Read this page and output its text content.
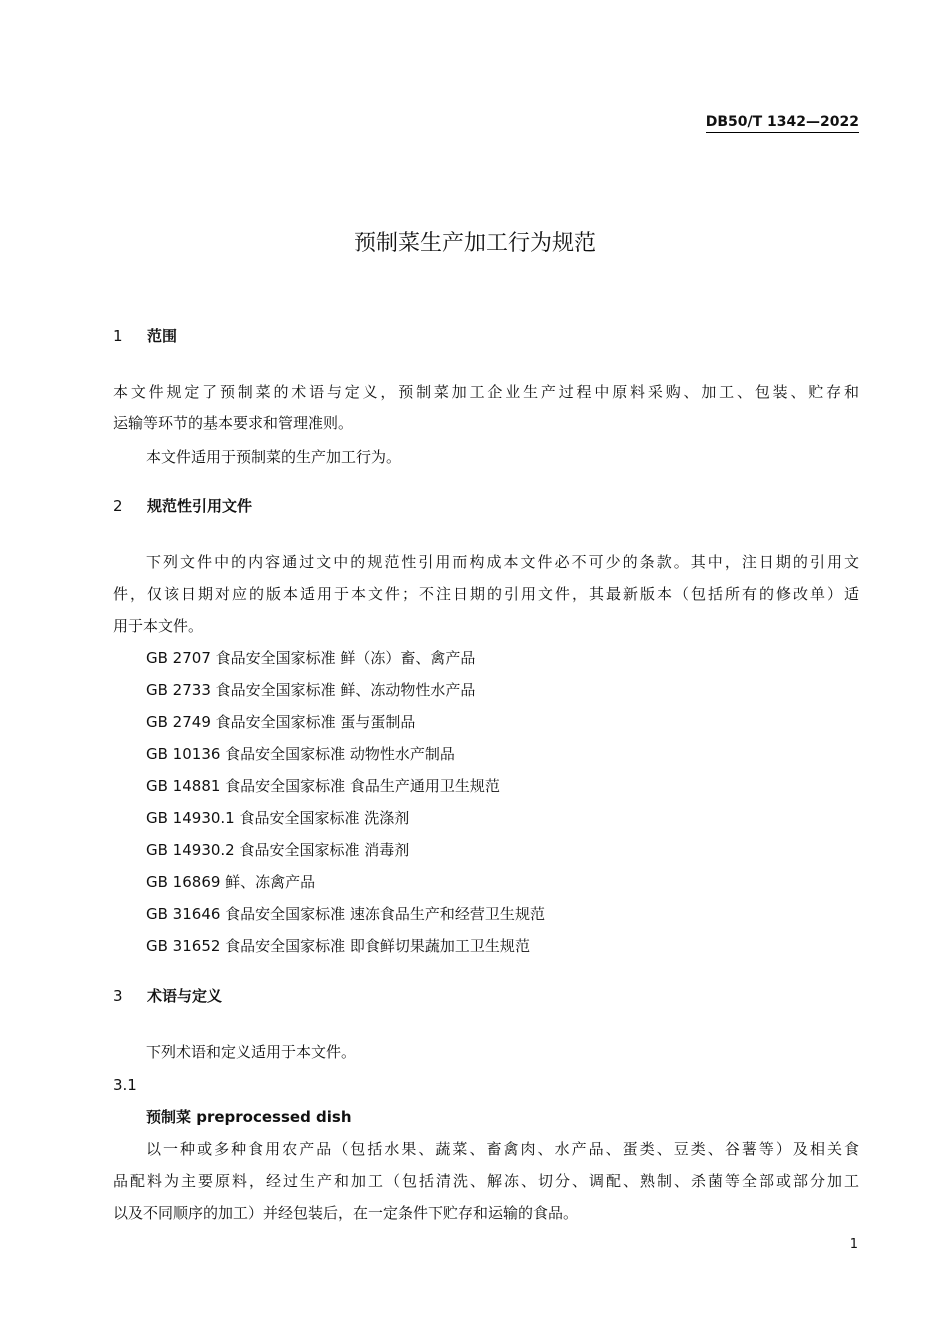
DB50/T 1342—2022
预制菜生产加工行为规范
1 范围
本文件规定了预制菜的术语与定义，预制菜加工企业生产过程中原料采购、加工、包装、贮存和
运输等环节的基本要求和管理准则。
本文件适用于预制菜的生产加工行为。
2 规范性引用文件
下列文件中的内容通过文中的规范性引用而构成本文件必不可少的条款。其中，注日期的引用文
件，仅该日期对应的版本适用于本文件；不注日期的引用文件，其最新版本（包括所有的修改单）适
用于本文件。
GB 2707 食品安全国家标准 鲜（冻）畜、禽产品
GB 2733 食品安全国家标准 鲜、冻动物性水产品
GB 2749 食品安全国家标准 蛋与蛋制品
GB 10136 食品安全国家标准 动物性水产制品
GB 14881 食品安全国家标准 食品生产通用卫生规范
GB 14930.1 食品安全国家标准 洗涤剂
GB 14930.2 食品安全国家标准 消毒剂
GB 16869 鲜、冻禽产品
GB 31646 食品安全国家标准 速冻食品生产和经营卫生规范
GB 31652 食品安全国家标准 即食鲜切果蔬加工卫生规范
3 术语与定义
下列术语和定义适用于本文件。
3.1
预制菜 preprocessed dish
以一种或多种食用农产品（包括水果、蔬菜、畜禽肉、水产品、蛋类、豆类、谷薯等）及相关食
品配料为主要原料，经过生产和加工（包括清洗、解冻、切分、调配、熟制、杀菌等全部或部分加工
以及不同顺序的加工）并经包装后，在一定条件下贮存和运输的食品。
1
